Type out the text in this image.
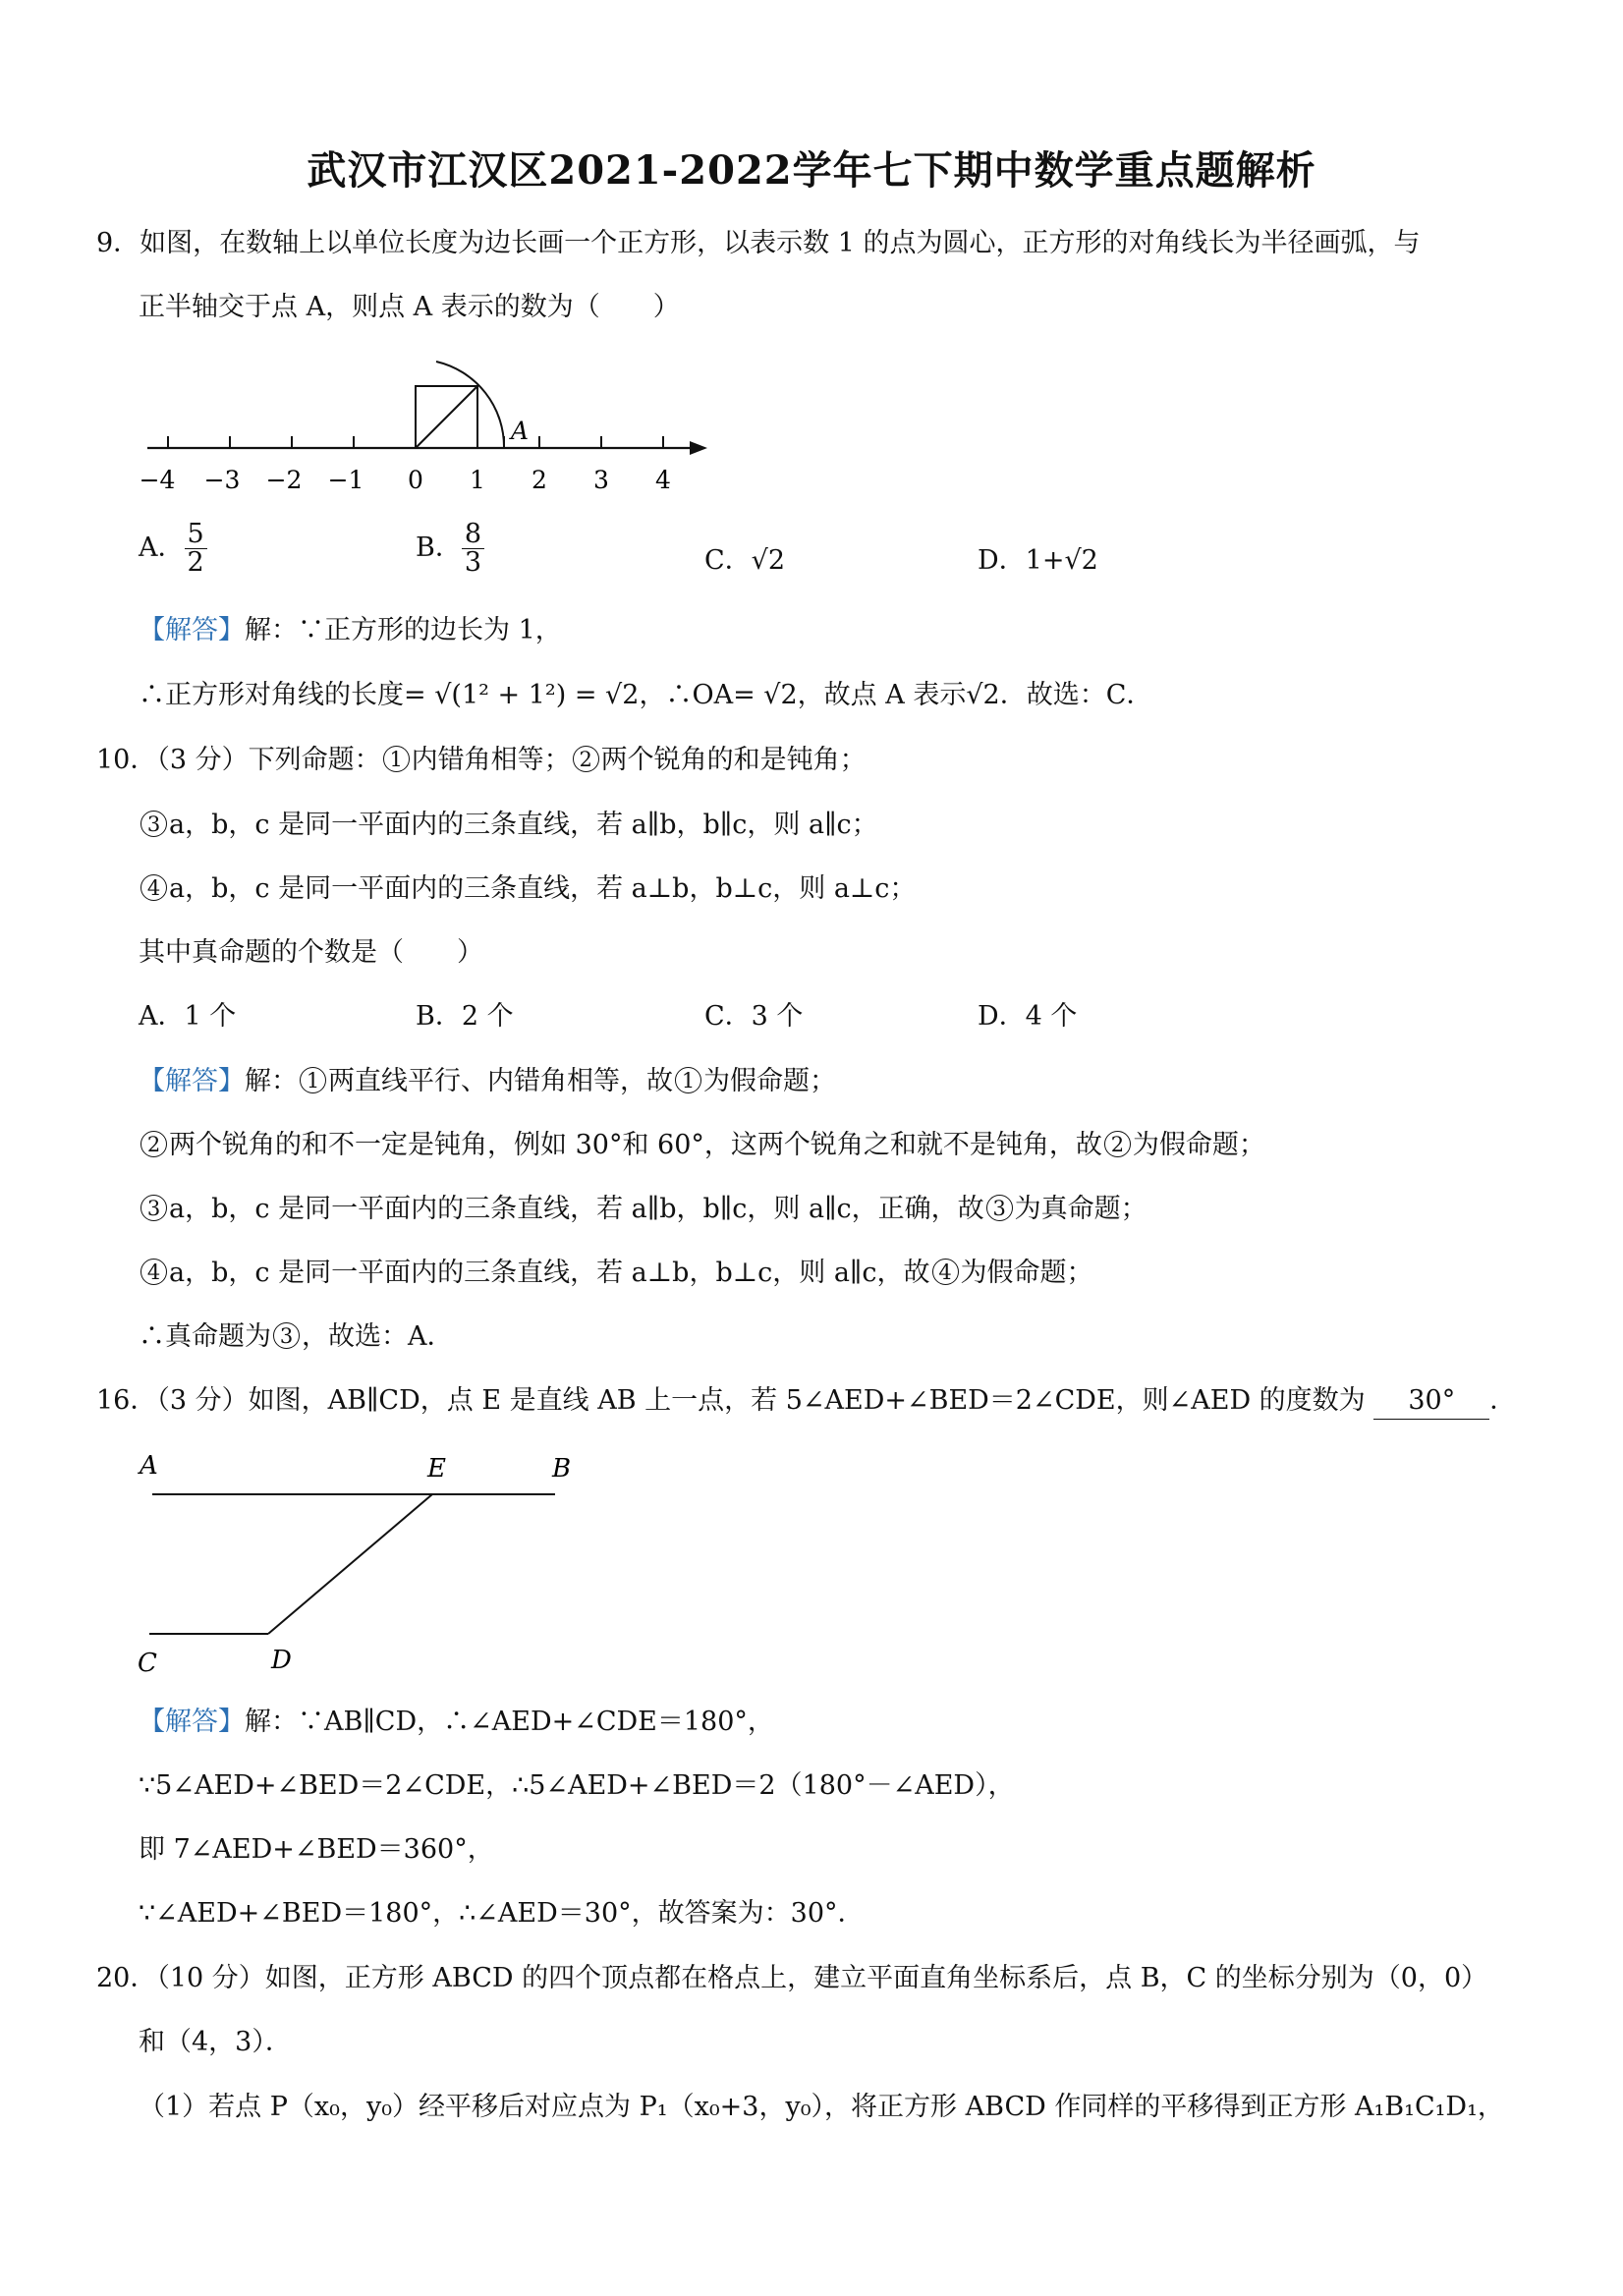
武汉市江汉区2021-2022学年七下期中数学重点题解析
9．如图，在数轴上以单位长度为边长画一个正方形，以表示数 1 的点为圆心，正方形的对角线长为半径画弧，与
正半轴交于点 A，则点 A 表示的数为（　　）
A
−4 −3 −2 −1 0 1 2 3 4
A． $\frac{5}{2}$	B． $\frac{8}{3}$	C．√2	D．1+√2
【解答】解：∵正方形的边长为 1，
∴正方形对角线的长度= √(1² + 1²) = √2，∴OA= √2，故点 A 表示√2．故选：C．
10．（3 分）下列命题： 1 内错角相等； 2 两个锐角的和是钝角；
3 a，b，c 是同一平面内的三条直线，若 a∥b，b∥c，则 a∥c；
4 a，b，c 是同一平面内的三条直线，若 a⊥b，b⊥c，则 a⊥c；
其中真命题的个数是（　　）
A．1 个	B．2 个	C．3 个	D．4 个
【解答】解： 1 两直线平行、内错角相等，故 1 为假命题；
2 两个锐角的和不一定是钝角，例如 30°和 60°，这两个锐角之和就不是钝角，故 2 为假命题；
3 a，b，c 是同一平面内的三条直线，若 a∥b，b∥c，则 a∥c，正确，故 3 为真命题；
4 a，b，c 是同一平面内的三条直线，若 a⊥b，b⊥c，则 a∥c，故 4 为假命题；
∴真命题为 3 ，故选：A．
16．（3 分）如图，AB∥CD，点 E 是直线 AB 上一点，若 5∠AED+∠BED＝2∠CDE，则∠AED 的度数为 30° ．
A	E	B
C	D
【解答】解：∵AB∥CD，∴∠AED+∠CDE＝180°，
∵5∠AED+∠BED＝2∠CDE，∴5∠AED+∠BED＝2（180°－∠AED），
即 7∠AED+∠BED＝360°，
∵∠AED+∠BED＝180°，∴∠AED＝30°，故答案为：30°．
20．（10 分）如图，正方形 ABCD 的四个顶点都在格点上，建立平面直角坐标系后，点 B，C 的坐标分别为（0，0）
和（4，3）．
（1）若点 P（x₀，y₀）经平移后对应点为 P₁（x₀+3，y₀），将正方形 ABCD 作同样的平移得到正方形 A₁B₁C₁D₁，
